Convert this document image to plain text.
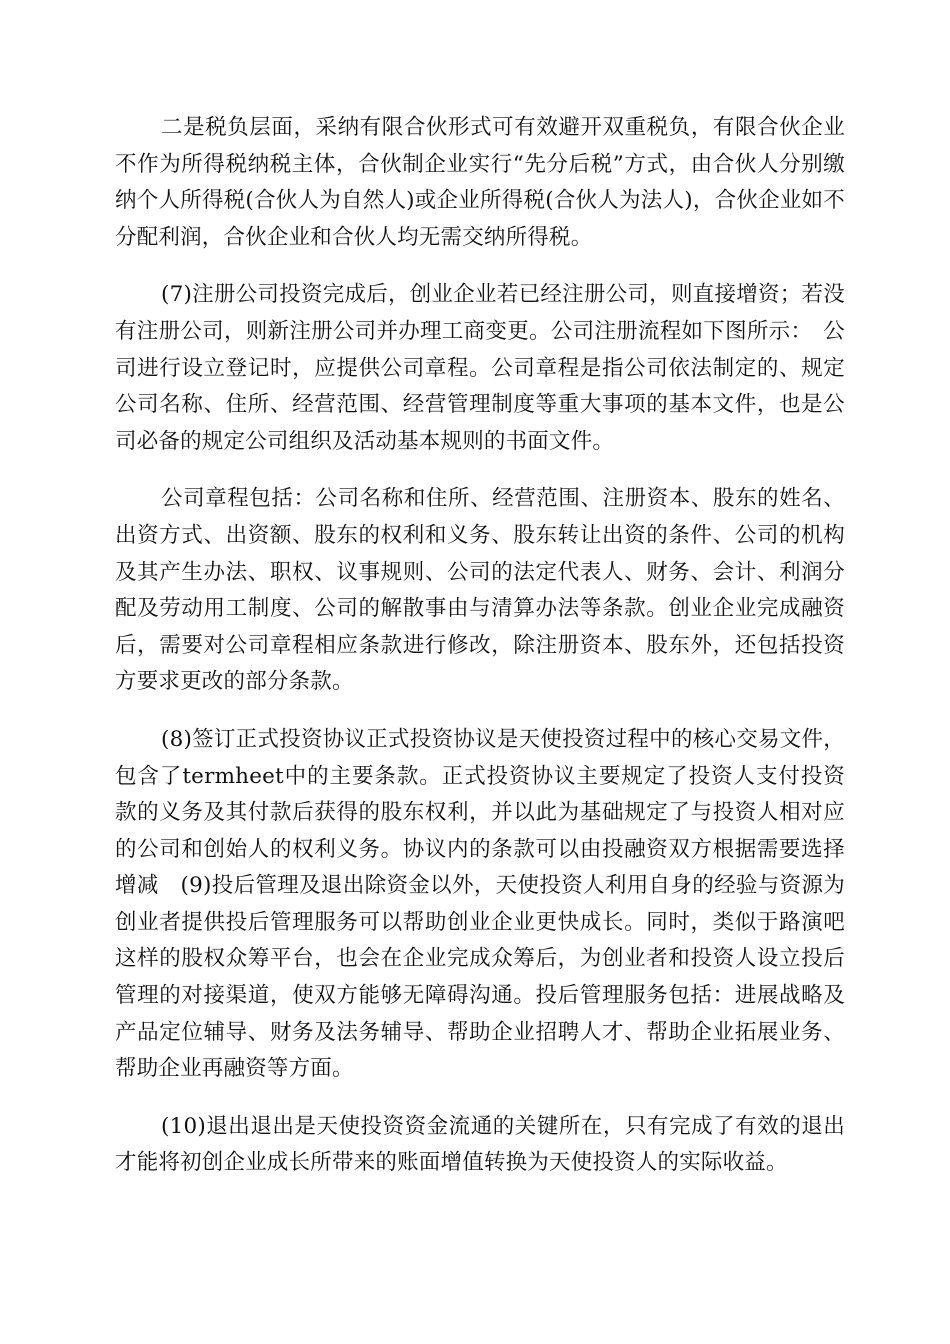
二是税负层面，采纳有限合伙形式可有效避开双重税负，有限合伙企业不作为所得税纳税主体，合伙制企业实行“先分后税”方式，由合伙人分别缴纳个人所得税(合伙人为自然人)或企业所得税(合伙人为法人)，合伙企业如不分配利润，合伙企业和合伙人均无需交纳所得税。

(7)注册公司投资完成后，创业企业若已经注册公司，则直接增资；若没有注册公司，则新注册公司并办理工商变更。公司注册流程如下图所示：　公司进行设立登记时，应提供公司章程。公司章程是指公司依法制定的、规定公司名称、住所、经营范围、经营管理制度等重大事项的基本文件，也是公司必备的规定公司组织及活动基本规则的书面文件。

公司章程包括：公司名称和住所、经营范围、注册资本、股东的姓名、出资方式、出资额、股东的权利和义务、股东转让出资的条件、公司的机构及其产生办法、职权、议事规则、公司的法定代表人、财务、会计、利润分配及劳动用工制度、公司的解散事由与清算办法等条款。创业企业完成融资后，需要对公司章程相应条款进行修改，除注册资本、股东外，还包括投资方要求更改的部分条款。

(8)签订正式投资协议正式投资协议是天使投资过程中的核心交易文件，包含了termheet中的主要条款。正式投资协议主要规定了投资人支付投资款的义务及其付款后获得的股东权利，并以此为基础规定了与投资人相对应的公司和创始人的权利义务。协议内的条款可以由投融资双方根据需要选择增减　(9)投后管理及退出除资金以外，天使投资人利用自身的经验与资源为创业者提供投后管理服务可以帮助创业企业更快成长。同时，类似于路演吧这样的股权众筹平台，也会在企业完成众筹后，为创业者和投资人设立投后管理的对接渠道，使双方能够无障碍沟通。投后管理服务包括：进展战略及产品定位辅导、财务及法务辅导、帮助企业招聘人才、帮助企业拓展业务、帮助企业再融资等方面。

(10)退出退出是天使投资资金流通的关键所在，只有完成了有效的退出才能将初创企业成长所带来的账面增值转换为天使投资人的实际收益。
